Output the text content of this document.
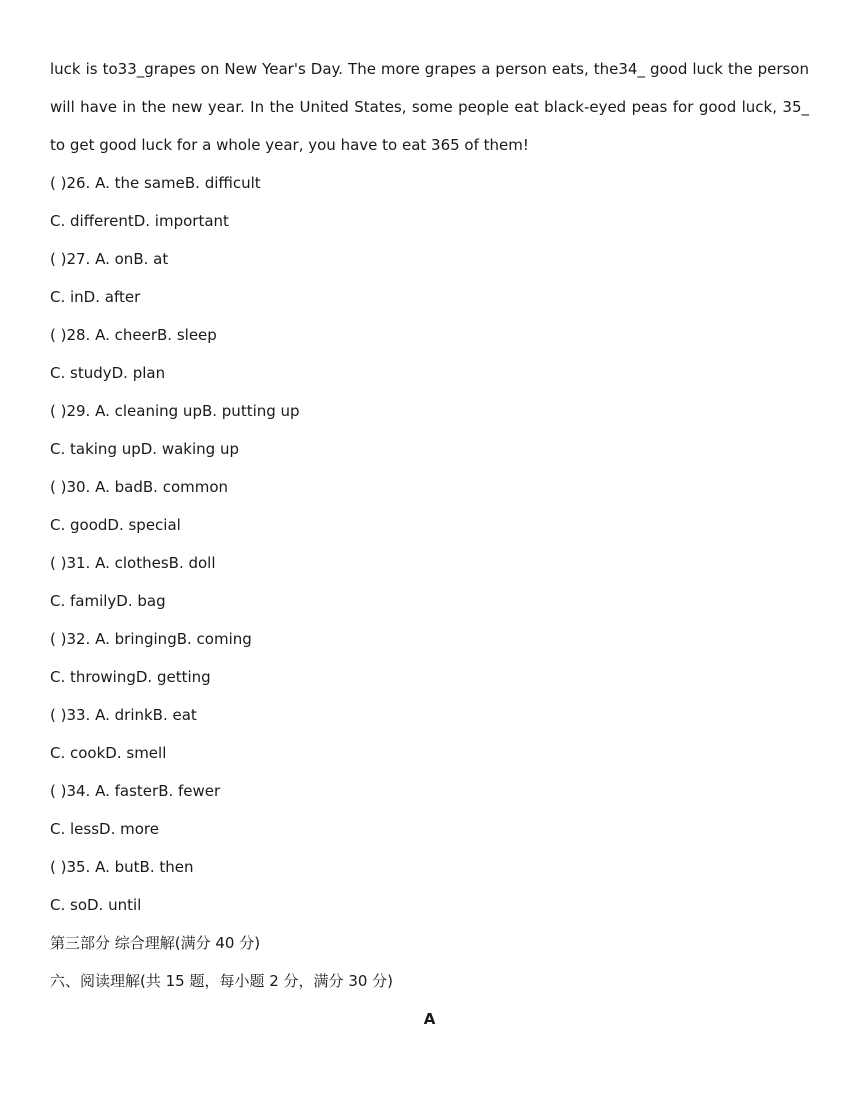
luck is to33_grapes on New Year's Day. The more grapes a person eats, the34_ good luck the person will have in the new year. In the United States, some people eat black-eyed peas for good luck, 35_ to get good luck for a whole year, you have to eat 365 of them!

( )26. A. the sameB. difficult

C. differentD. important

( )27. A. onB. at

C. inD. after

( )28. A. cheerB. sleep

C. studyD. plan

( )29. A. cleaning upB. putting up

C. taking upD. waking up

( )30. A. badB. common

C. goodD. special

( )31. A. clothesB. doll

C. familyD. bag

( )32. A. bringingB. coming

C. throwingD. getting

( )33. A. drinkB. eat

C. cookD. smell

( )34. A. fasterB. fewer

C. lessD. more

( )35. A. butB. then

C. soD. until

第三部分 综合理解(满分 40 分)

六、阅读理解(共 15 题，每小题 2 分，满分 30 分)

A
